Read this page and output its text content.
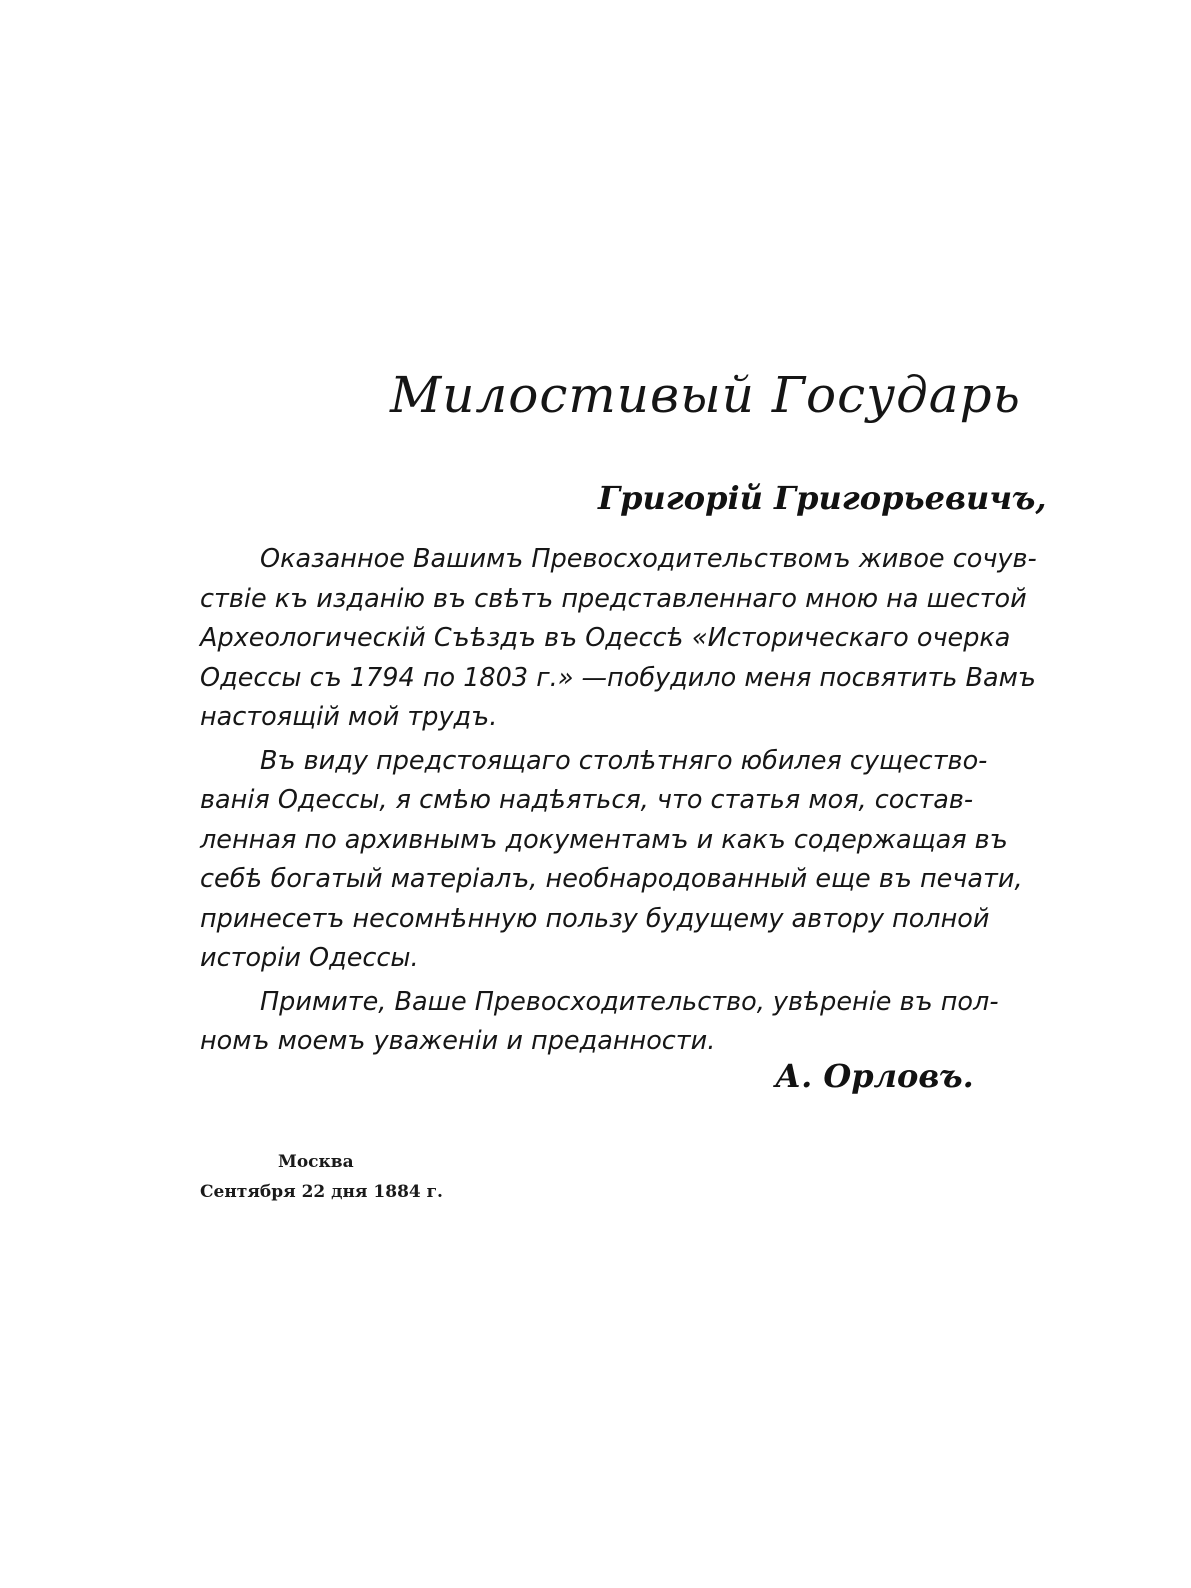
Милостивый Государь
Григорій Григорьевичъ,

Оказанное Вашимъ Превосходительствомъ живое сочув-
ствіе къ изданію въ свѣтъ представленнаго мною на шестой
Археологическій Съѣздъ въ Одессѣ «Историческаго очерка
Одессы съ 1794 по 1803 г.» —побудило меня посвятить Вамъ
настоящій мой трудъ.

Въ виду предстоящаго столѣтняго юбилея существо-
ванія Одессы, я смѣю надѣяться, что статья моя, состав-
ленная по архивнымъ документамъ и какъ содержащая въ
себѣ богатый матеріалъ, необнародованный еще въ печати,
принесетъ несомнѣнную пользу будущему автору полной
исторіи Одессы.

Примите, Ваше Превосходительство, увѣреніе въ пол-
номъ моемъ уваженіи и преданности.

А. Орловъ.
Москва
Сентября 22 дня 1884 г.
